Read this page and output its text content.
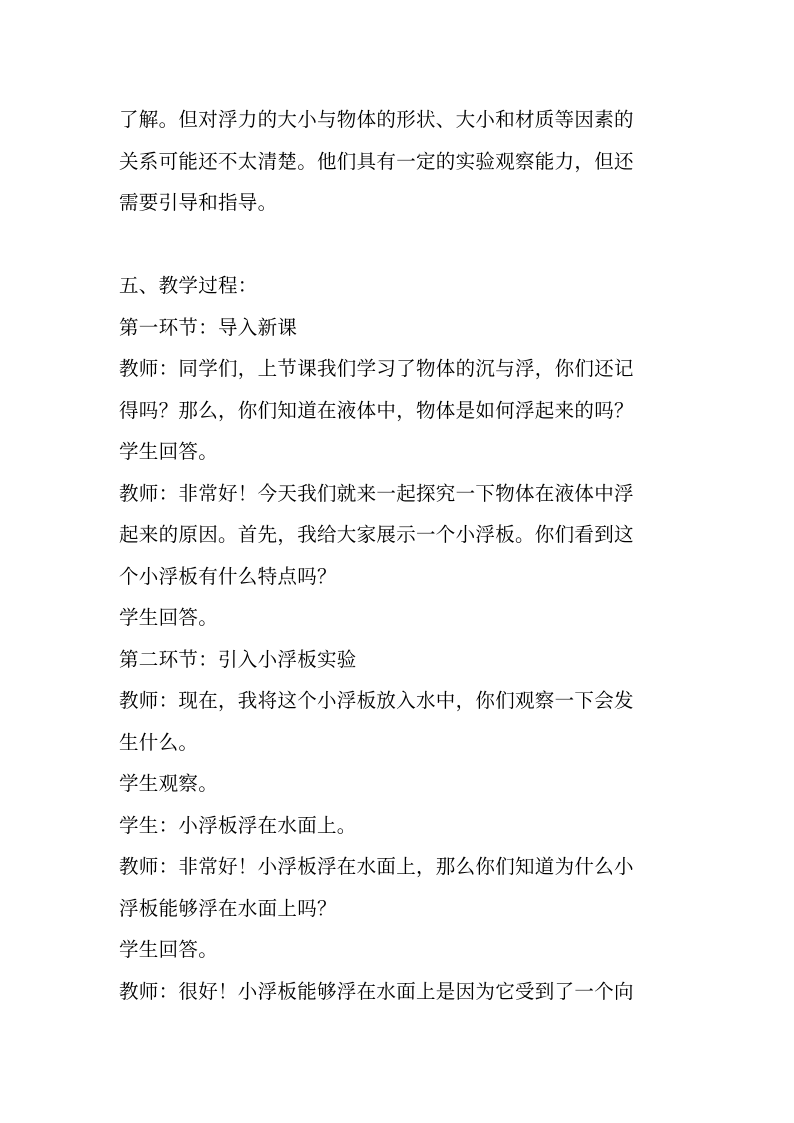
了解。但对浮力的大小与物体的形状、大小和材质等因素的
关系可能还不太清楚。他们具有一定的实验观察能力，但还
需要引导和指导。
五、教学过程：
第一环节：导入新课
教师：同学们，上节课我们学习了物体的沉与浮，你们还记
得吗？那么，你们知道在液体中，物体是如何浮起来的吗？
学生回答。
教师：非常好！今天我们就来一起探究一下物体在液体中浮
起来的原因。首先，我给大家展示一个小浮板。你们看到这
个小浮板有什么特点吗？
学生回答。
第二环节：引入小浮板实验
教师：现在，我将这个小浮板放入水中，你们观察一下会发
生什么。
学生观察。
学生：小浮板浮在水面上。
教师：非常好！小浮板浮在水面上，那么你们知道为什么小
浮板能够浮在水面上吗？
学生回答。
教师：很好！小浮板能够浮在水面上是因为它受到了一个向
